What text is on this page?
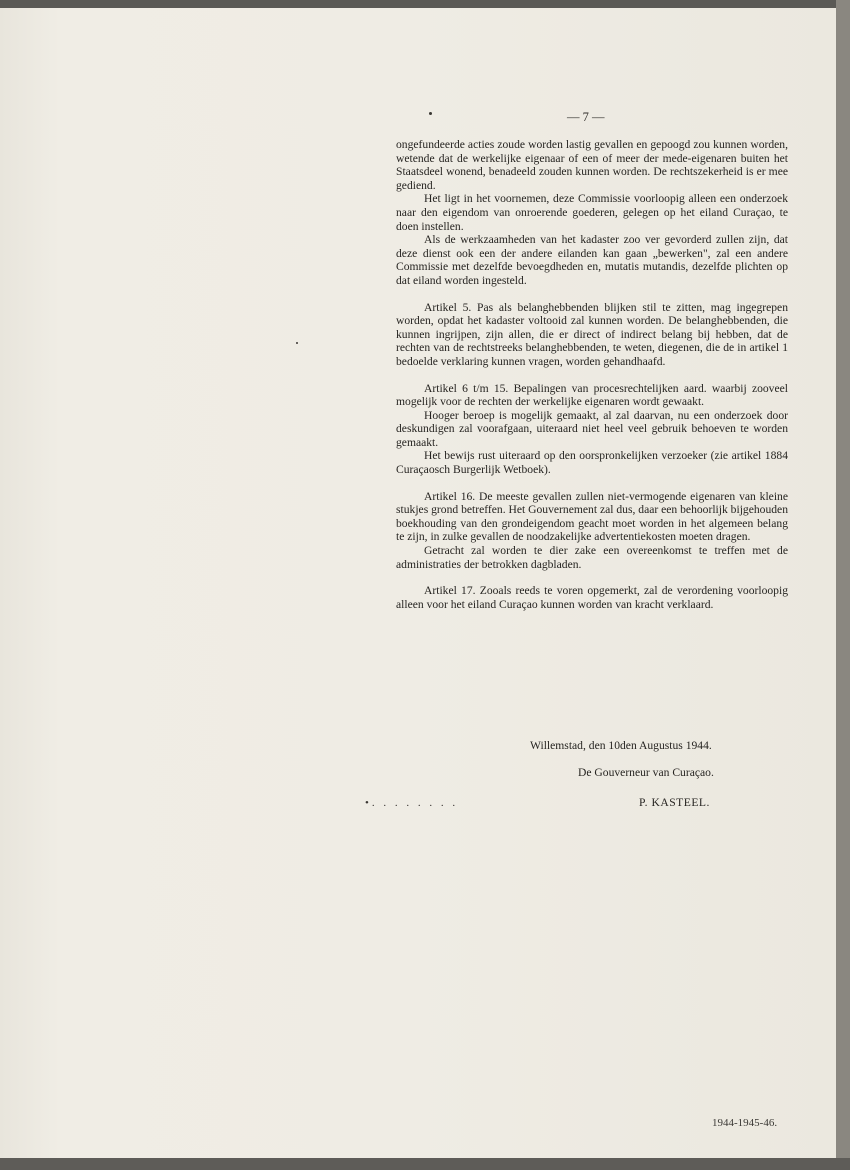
— 7 —

ongefundeerde acties zoude worden lastig gevallen en gepoogd zou kunnen worden, wetende dat de werkelijke eigenaar of een of meer der mede-eigenaren buiten het Staatsdeel wonend, benadeeld zouden kunnen worden. De rechtszekerheid is er mee gediend.

Het ligt in het voornemen, deze Commissie voorloopig alleen een onderzoek naar den eigendom van onroerende goederen, gelegen op het eiland Curaçao, te doen instellen.

Als de werkzaamheden van het kadaster zoo ver gevorderd zullen zijn, dat deze dienst ook een der andere eilanden kan gaan „bewerken", zal een andere Commissie met dezelfde bevoegdheden en, mutatis mutandis, dezelfde plichten op dat eiland worden ingesteld.

Artikel 5. Pas als belanghebbenden blijken stil te zitten, mag ingegrepen worden, opdat het kadaster voltooid zal kunnen worden. De belanghebbenden, die kunnen ingrijpen, zijn allen, die er direct of indirect belang bij hebben, dat de rechten van de rechtstreeks belanghebbenden, te weten, diegenen, die de in artikel 1 bedoelde verklaring kunnen vragen, worden gehandhaafd.

Artikel 6 t/m 15. Bepalingen van procesrechtelijken aard. waarbij zooveel mogelijk voor de rechten der werkelijke eigenaren wordt gewaakt.

Hooger beroep is mogelijk gemaakt, al zal daarvan, nu een onderzoek door deskundigen zal voorafgaan, uiteraard niet heel veel gebruik behoeven te worden gemaakt.

Het bewijs rust uiteraard op den oorspronkelijken verzoeker (zie artikel 1884 Curaçaosch Burgerlijk Wetboek).

Artikel 16. De meeste gevallen zullen niet-vermogende eigenaren van kleine stukjes grond betreffen. Het Gouvernement zal dus, daar een behoorlijk bijgehouden boekhouding van den grondeigendom geacht moet worden in het algemeen belang te zijn, in zulke gevallen de noodzakelijke advertentiekosten moeten dragen.

Getracht zal worden te dier zake een overeenkomst te treffen met de administraties der betrokken dagbladen.

Artikel 17. Zooals reeds te voren opgemerkt, zal de verordening voorloopig alleen voor het eiland Curaçao kunnen worden van kracht verklaard.

Willemstad, den 10den Augustus 1944.
De Gouverneur van Curaçao.
•. . . . . . . .	P. KASTEEL.
1944-1945-46.
